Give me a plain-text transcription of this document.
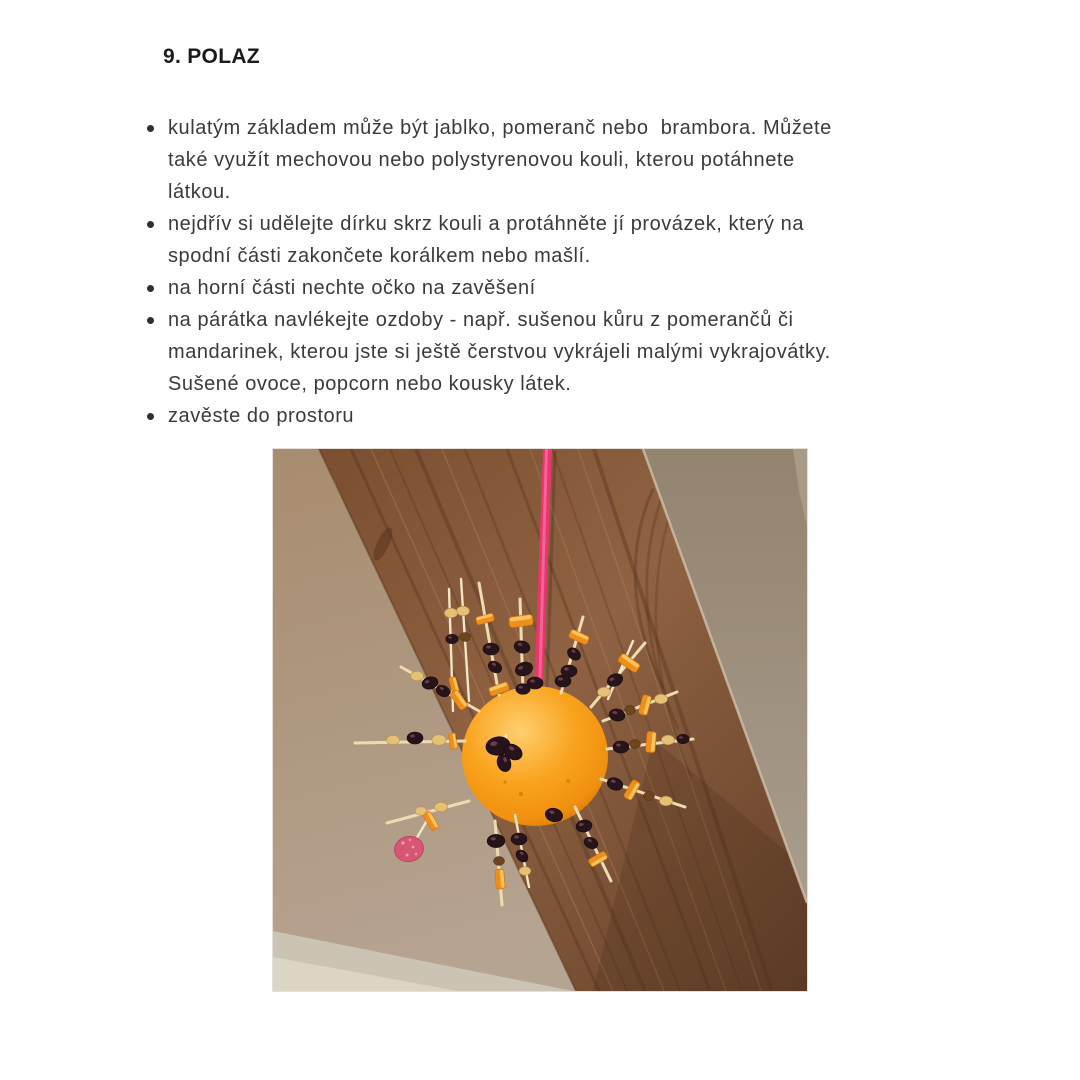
9. POLAZ
kulatým základem může být jablko, pomeranč nebo  brambora. Můžete
také využít mechovou nebo polystyrenovou kouli, kterou potáhnete
látkou.
nejdřív si udělejte dírku skrz kouli a protáhněte jí provázek, který na
spodní části zakončete korálkem nebo mašlí.
na horní části nechte očko na zavěšení
na párátka navlékejte ozdoby - např. sušenou kůru z pomerančů či
mandarinek, kterou jste si ještě čerstvou vykrájeli malými vykrajovátky.
Sušené ovoce, popcorn nebo kousky látek.
zavěste do prostoru
